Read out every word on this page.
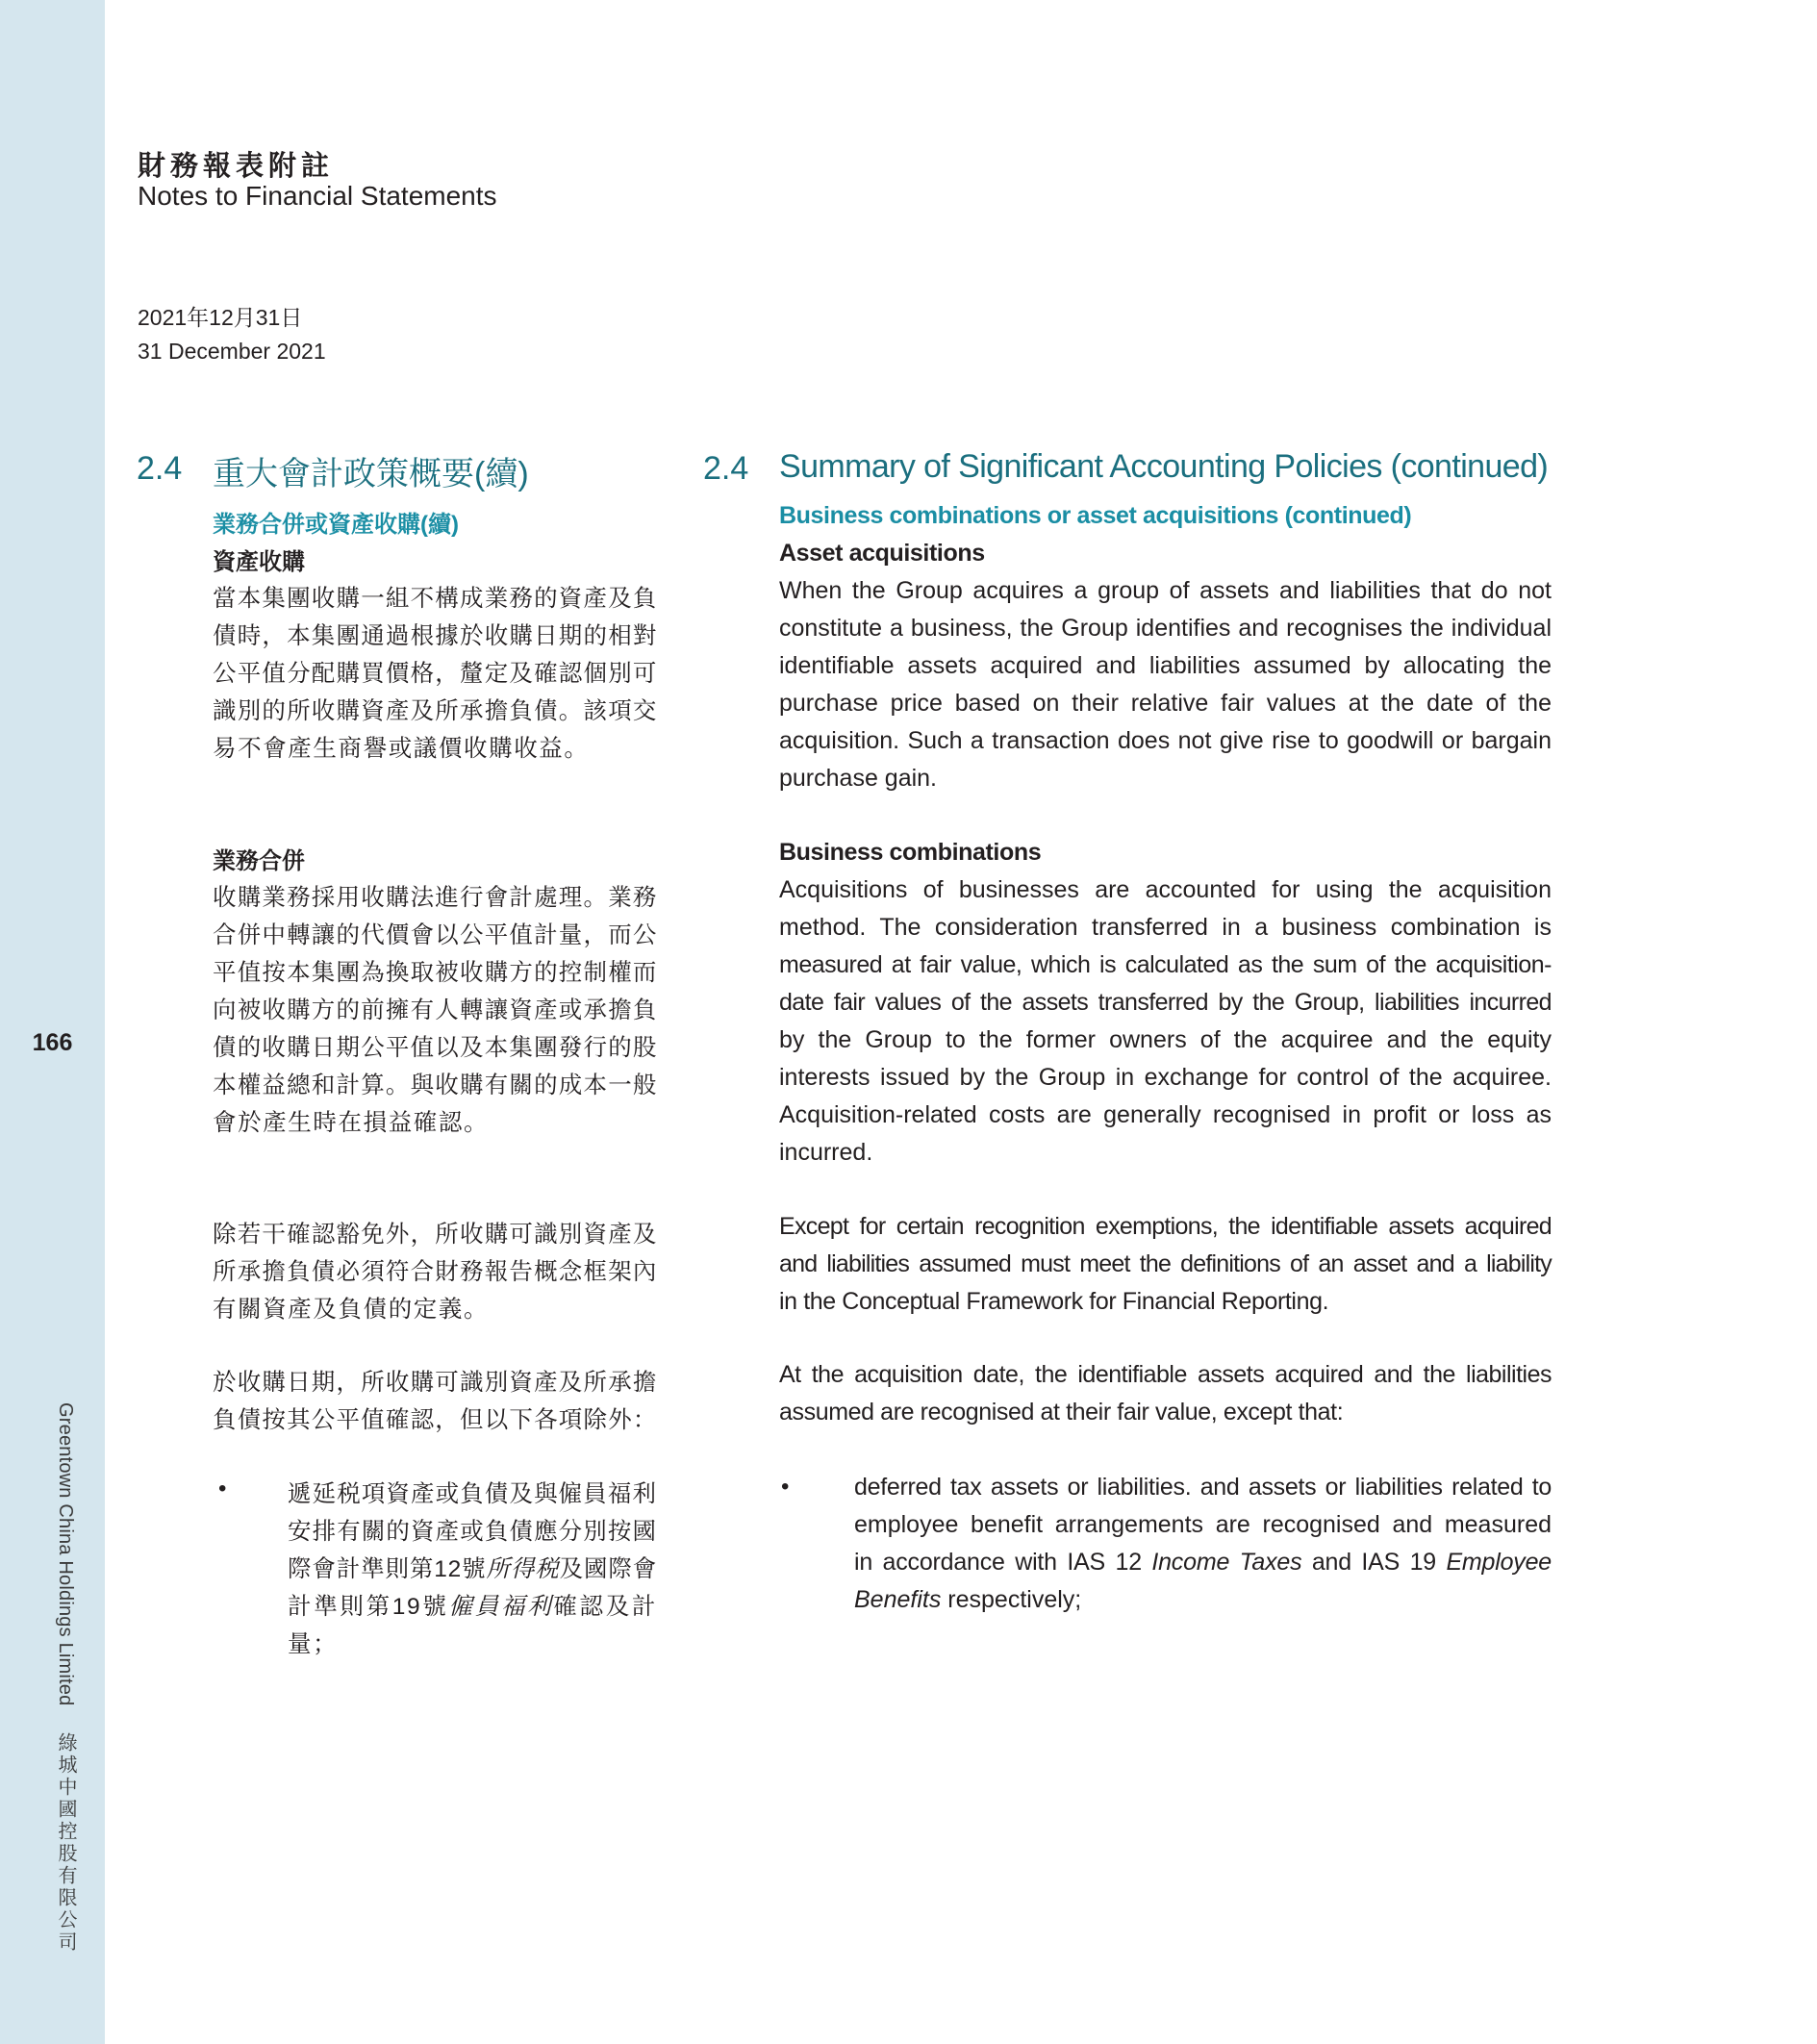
166
Greentown China Holdings Limited 綠城中國控股有限公司
財務報表附註
Notes to Financial Statements
2021年12月31日
31 December 2021
2.4 重大會計政策概要(續)
業務合併或資產收購(續)
資產收購
當本集團收購一組不構成業務的資產及負
債時，本集團通過根據於收購日期的相對
公平值分配購買價格，釐定及確認個別可
識別的所收購資產及所承擔負債。該項交
易不會產生商譽或議價收購收益。
業務合併
收購業務採用收購法進行會計處理。業務
合併中轉讓的代價會以公平值計量，而公
平值按本集團為換取被收購方的控制權而
向被收購方的前擁有人轉讓資產或承擔負
債的收購日期公平值以及本集團發行的股
本權益總和計算。與收購有關的成本一般
會於產生時在損益確認。
除若干確認豁免外，所收購可識別資產及
所承擔負債必須符合財務報告概念框架內
有關資產及負債的定義。
於收購日期，所收購可識別資產及所承擔
負債按其公平值確認，但以下各項除外：
•	遞延税項資產或負債及與僱員福利
安排有關的資產或負債應分別按國
際會計準則第12號所得税及國際會
計準則第19號僱員福利確認及計
量；
2.4 Summary of Significant Accounting Policies (continued)
Business combinations or asset acquisitions (continued)
Asset acquisitions
When the Group acquires a group of assets and liabilities that do not
constitute a business, the Group identifies and recognises the individual
identifiable assets acquired and liabilities assumed by allocating the
purchase price based on their relative fair values at the date of the
acquisition. Such a transaction does not give rise to goodwill or bargain
purchase gain.
Business combinations
Acquisitions of businesses are accounted for using the acquisition
method. The consideration transferred in a business combination is
measured at fair value, which is calculated as the sum of the acquisition-
date fair values of the assets transferred by the Group, liabilities incurred
by the Group to the former owners of the acquiree and the equity
interests issued by the Group in exchange for control of the acquiree.
Acquisition-related costs are generally recognised in profit or loss as
incurred.
Except for certain recognition exemptions, the identifiable assets acquired
and liabilities assumed must meet the definitions of an asset and a liability
in the Conceptual Framework for Financial Reporting.
At the acquisition date, the identifiable assets acquired and the liabilities
assumed are recognised at their fair value, except that:
•	deferred tax assets or liabilities. and assets or liabilities related to
employee benefit arrangements are recognised and measured
in accordance with IAS 12 Income Taxes and IAS 19 Employee
Benefits respectively;
